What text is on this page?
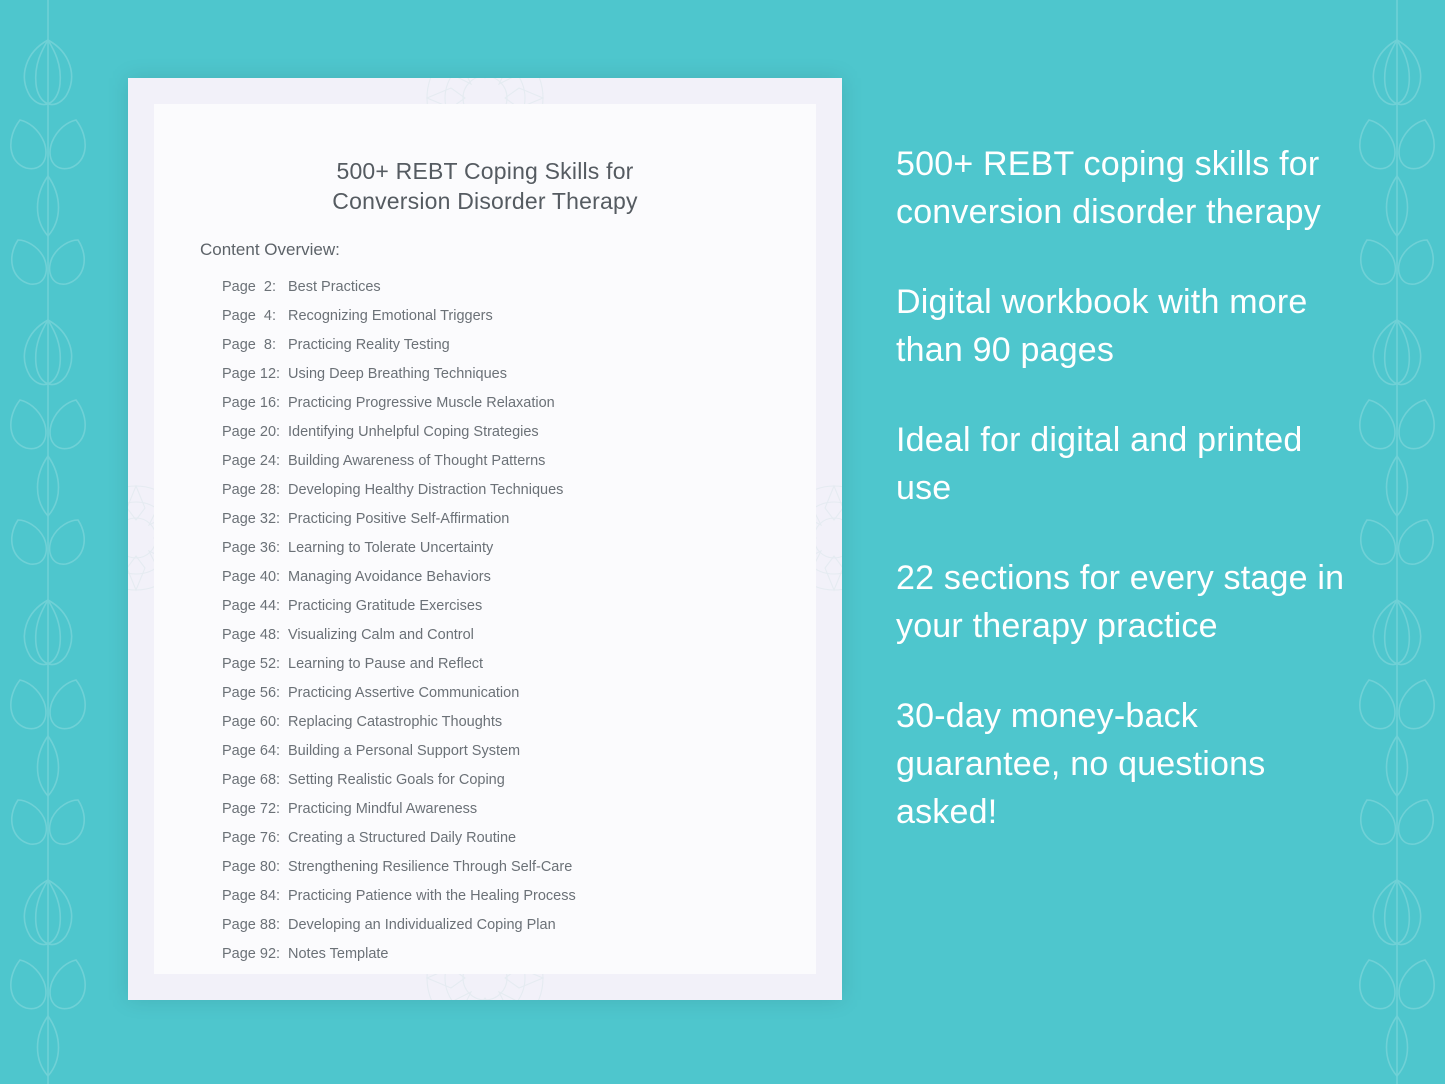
500+ REBT Coping Skills for
Conversion Disorder Therapy
Content Overview:
Page  2: Best Practices
Page  4: Recognizing Emotional Triggers
Page  8: Practicing Reality Testing
Page 12: Using Deep Breathing Techniques
Page 16: Practicing Progressive Muscle Relaxation
Page 20: Identifying Unhelpful Coping Strategies
Page 24: Building Awareness of Thought Patterns
Page 28: Developing Healthy Distraction Techniques
Page 32: Practicing Positive Self-Affirmation
Page 36: Learning to Tolerate Uncertainty
Page 40: Managing Avoidance Behaviors
Page 44: Practicing Gratitude Exercises
Page 48: Visualizing Calm and Control
Page 52: Learning to Pause and Reflect
Page 56: Practicing Assertive Communication
Page 60: Replacing Catastrophic Thoughts
Page 64: Building a Personal Support System
Page 68: Setting Realistic Goals for Coping
Page 72: Practicing Mindful Awareness
Page 76: Creating a Structured Daily Routine
Page 80: Strengthening Resilience Through Self-Care
Page 84: Practicing Patience with the Healing Process
Page 88: Developing an Individualized Coping Plan
Page 92: Notes Template
500+ REBT coping skills for conversion disorder therapy
Digital workbook with more than 90 pages
Ideal for digital and printed use
22 sections for every stage in your therapy practice
30-day money-back guarantee, no questions asked!
